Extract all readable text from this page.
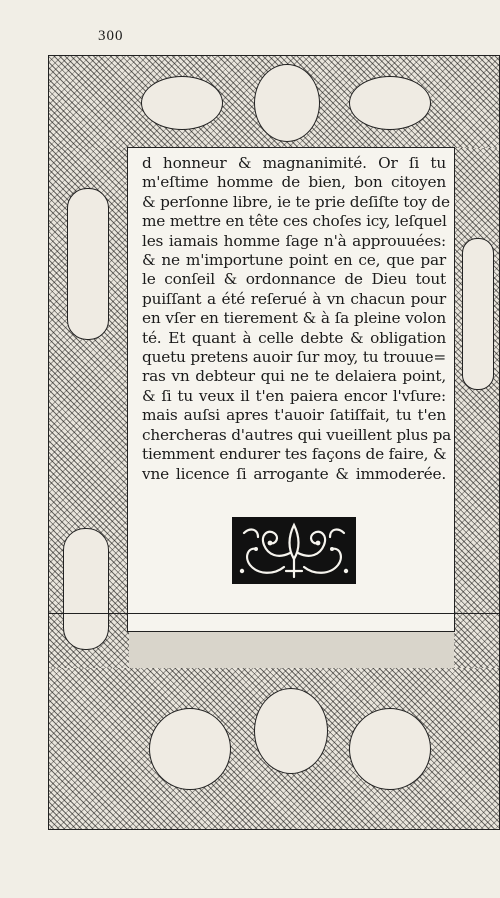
300
d honneur & magnanimité. Or ſi tu
m'eſtime homme de bien, bon citoyen
& perſonne libre, ie te prie deſiſte toy de
me mettre en tête ces choſes icy, leſquel
les iamais homme ſage n'à approuuées:
& ne m'importune point en ce, que par
le conſeil & ordonnance de Dieu tout
puiſſant a été reſerué à vn chacun pour
en vſer en tierement & à ſa pleine volon
té. Et quant à celle debte & obligation
quetu pretens auoir ſur moy, tu trouue=
ras vn debteur qui ne te delaiera point,
& ſi tu veux il t'en paiera encor l'vſure:
mais auſsi apres t'auoir ſatiſfait, tu t'en
chercheras d'autres qui vueillent plus pa
tiemment endurer tes façons de faire, &
vne licence ſi arrogante & immoderée.
